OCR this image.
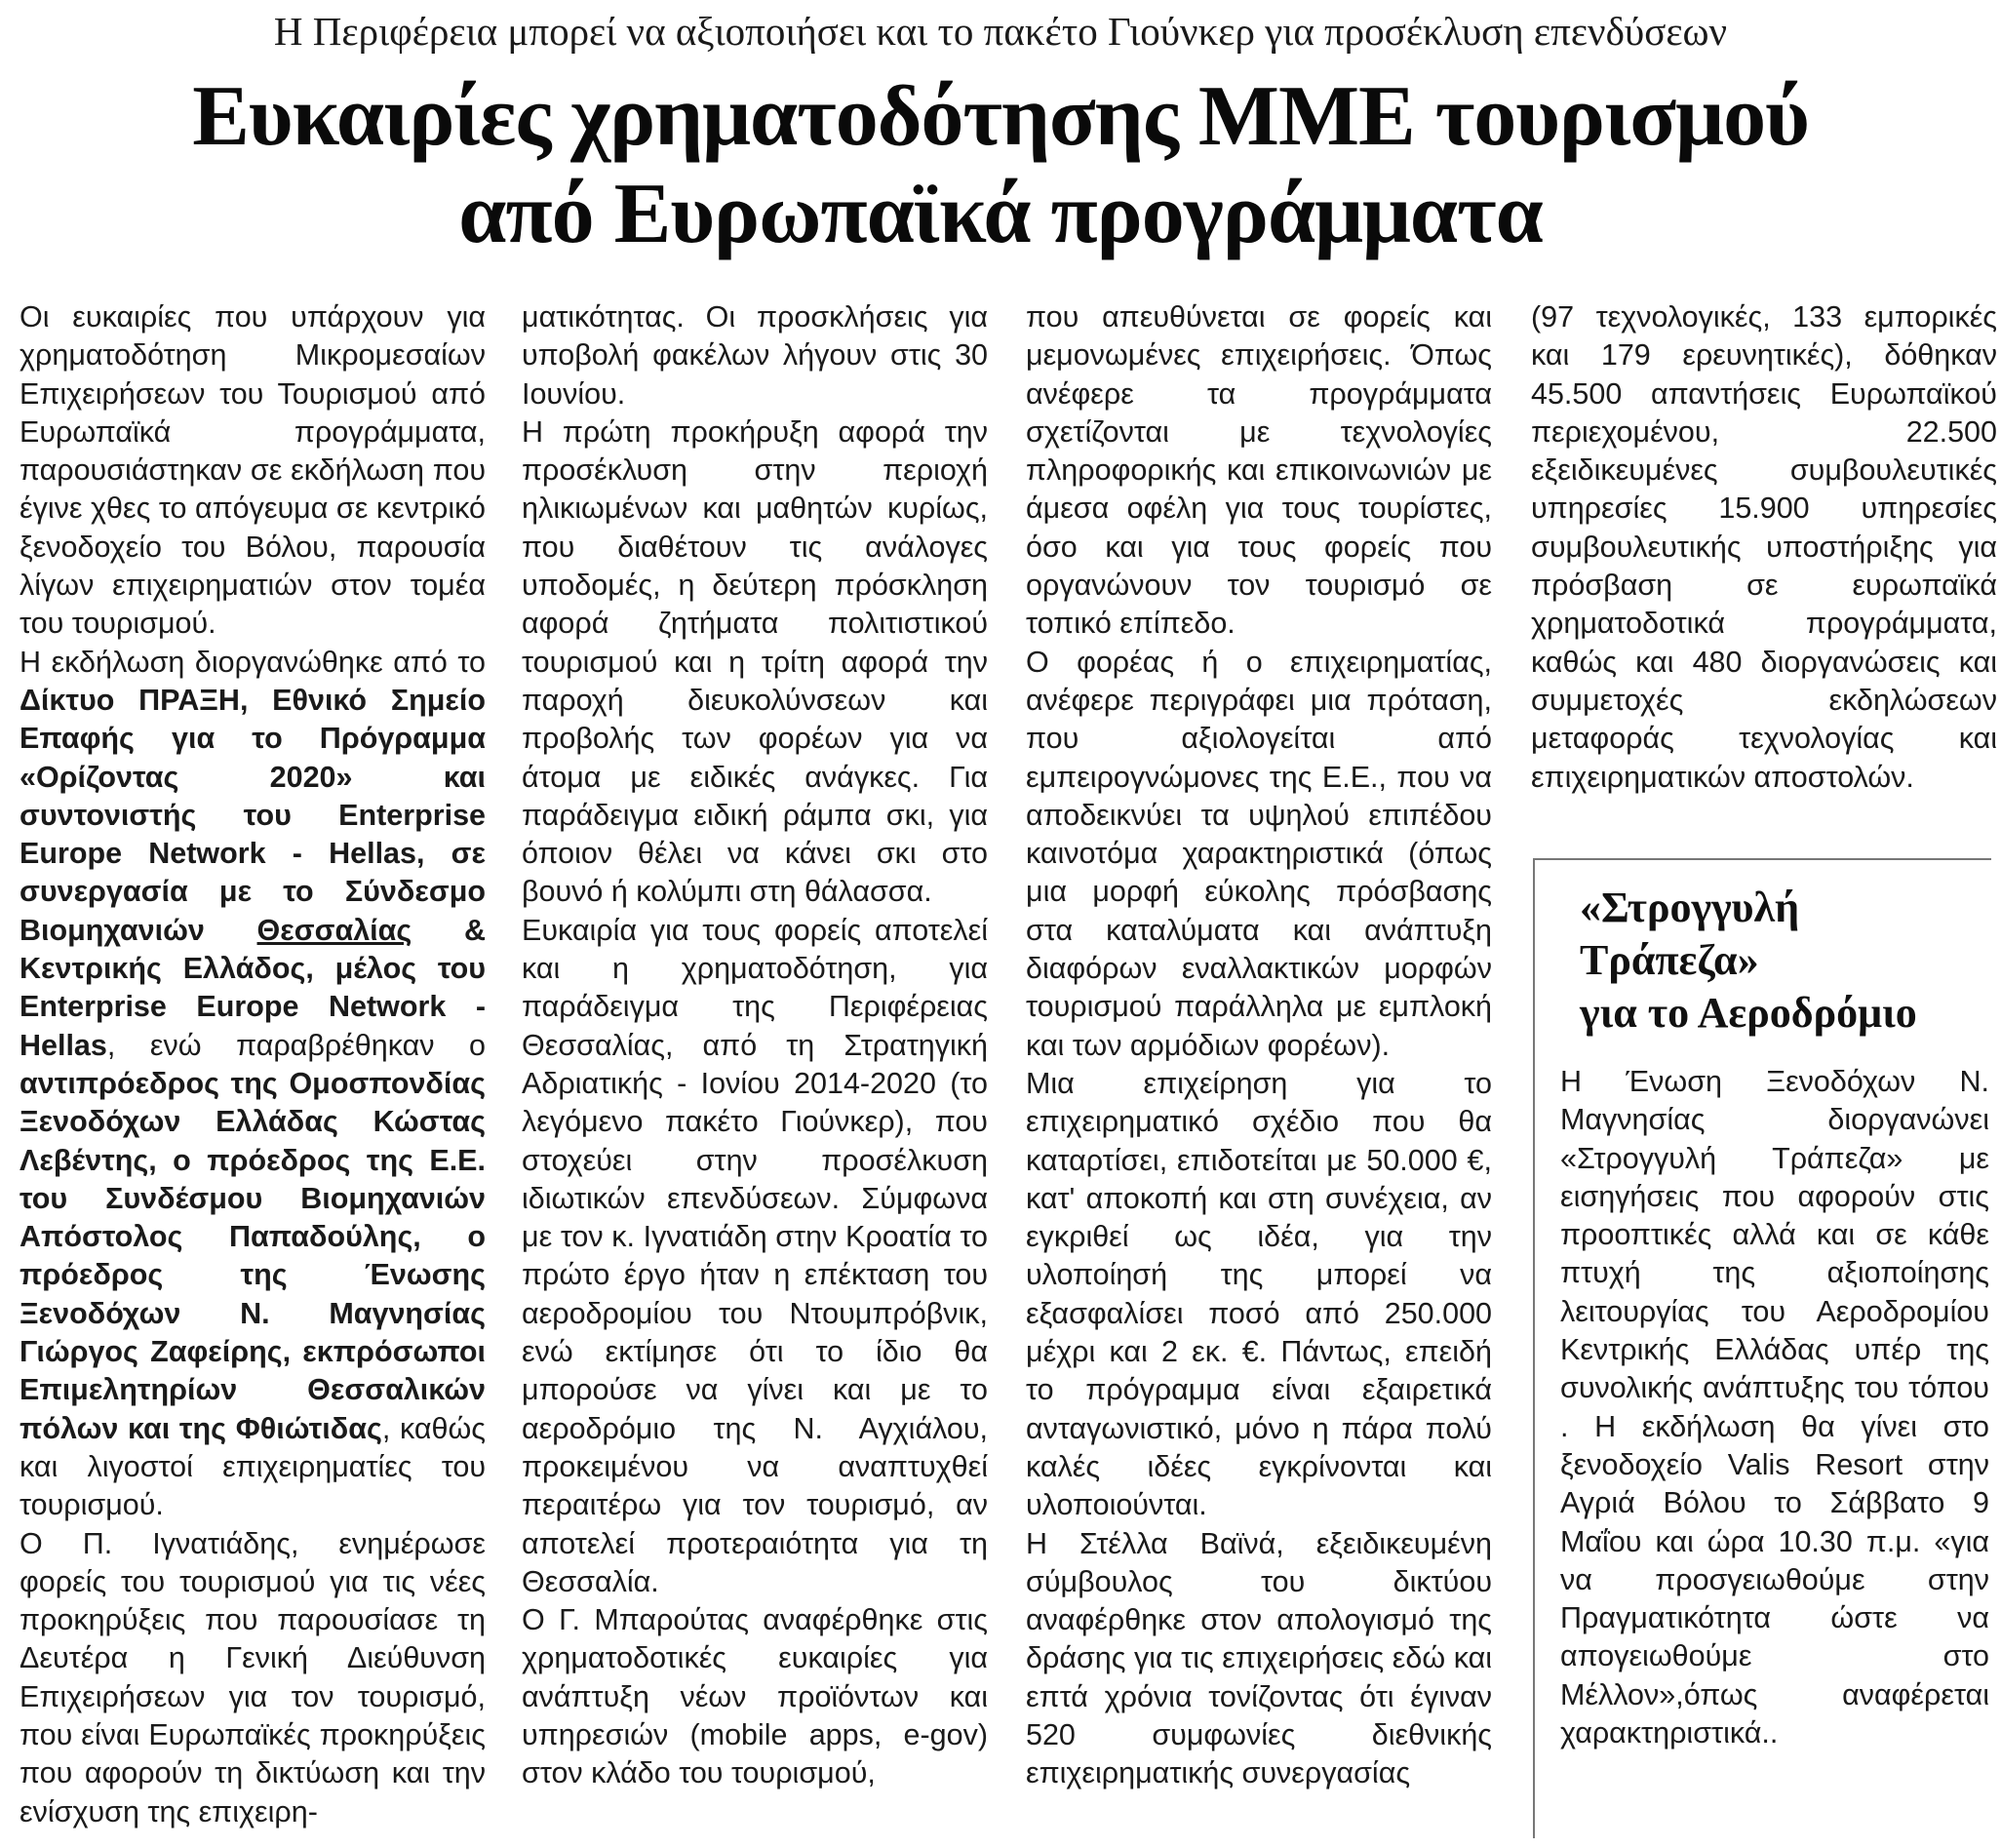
Η Περιφέρεια μπορεί να αξιοποιήσει και το πακέτο Γιούνκερ για προσέκλυση επενδύσεων
Ευκαιρίες χρηματοδότησης ΜΜΕ τουρισμού
από Ευρωπαϊκά προγράμματα

Οι ευκαιρίες που υπάρχουν για χρηματοδότηση Μικρομεσαίων Επιχειρήσεων του Τουρισμού από Ευρωπαϊκά προγράμματα, παρουσιάστηκαν σε εκδήλωση που έγινε χθες το απόγευμα σε κεντρικό ξενοδοχείο του Βόλου, παρουσία λίγων επιχειρηματιών στον τομέα του τουρισμού.

Η εκδήλωση διοργανώθηκε από το Δίκτυο ΠΡΑΞΗ, Εθνικό Σημείο Επαφής για το Πρόγραμμα «Ορίζοντας 2020» και συντονιστής του Enterprise Europe Network - Hellas, σε συνεργασία με το Σύνδεσμο Βιομηχανιών Θεσσαλίας & Κεντρικής Ελλάδος, μέλος του Enterprise Europe Network - Hellas, ενώ παραβρέθηκαν ο αντιπρόεδρος της Ομοσπονδίας Ξενοδόχων Ελλάδας Κώστας Λεβέντης, ο πρόεδρος της Ε.Ε. του Συνδέσμου Βιομηχανιών Απόστολος Παπαδούλης, ο πρόεδρος της Ένωσης Ξενοδόχων Ν. Μαγνησίας Γιώργος Ζαφείρης, εκπρόσωποι Επιμελητηρίων Θεσσαλικών πόλων και της Φθιώτιδας, καθώς και λιγοστοί επιχειρηματίες του τουρισμού.

Ο Π. Ιγνατιάδης, ενημέρωσε φορείς του τουρισμού για τις νέες προκηρύξεις που παρουσίασε τη Δευτέρα η Γενική Διεύθυνση Επιχειρήσεων για τον τουρισμό, που είναι Ευρωπαϊκές προκηρύξεις που αφορούν τη δικτύωση και την ενίσχυση της επιχειρη-

ματικότητας. Οι προσκλήσεις για υποβολή φακέλων λήγουν στις 30 Ιουνίου.

Η πρώτη προκήρυξη αφορά την προσέκλυση στην περιοχή ηλικιωμένων και μαθητών κυρίως, που διαθέτουν τις ανάλογες υποδομές, η δεύτερη πρόσκληση αφορά ζητήματα πολιτιστικού τουρισμού και η τρίτη αφορά την παροχή διευκολύνσεων και προβολής των φορέων για να άτομα με ειδικές ανάγκες. Για παράδειγμα ειδική ράμπα σκι, για όποιον θέλει να κάνει σκι στο βουνό ή κολύμπι στη θάλασσα.

Ευκαιρία για τους φορείς αποτελεί και η χρηματοδότηση, για παράδειγμα της Περιφέρειας Θεσσαλίας, από τη Στρατηγική Αδριατικής - Ιονίου 2014-2020 (το λεγόμενο πακέτο Γιούνκερ), που στοχεύει στην προσέλκυση ιδιωτικών επενδύσεων. Σύμφωνα με τον κ. Ιγνατιάδη στην Κροατία το πρώτο έργο ήταν η επέκταση του αεροδρομίου του Ντουμπρόβνικ, ενώ εκτίμησε ότι το ίδιο θα μπορούσε να γίνει και με το αεροδρόμιο της Ν. Αγχιάλου, προκειμένου να αναπτυχθεί περαιτέρω για τον τουρισμό, αν αποτελεί προτεραιότητα για τη Θεσσαλία.

Ο Γ. Μπαρούτας αναφέρθηκε στις χρηματοδοτικές ευκαιρίες για ανάπτυξη νέων προϊόντων και υπηρεσιών (mobile apps, e-gov) στον κλάδο του τουρισμού,

που απευθύνεται σε φορείς και μεμονωμένες επιχειρήσεις. Όπως ανέφερε τα προγράμματα σχετίζονται με τεχνολογίες πληροφορικής και επικοινωνιών με άμεσα οφέλη για τους τουρίστες, όσο και για τους φορείς που οργανώνουν τον τουρισμό σε τοπικό επίπεδο.

Ο φορέας ή ο επιχειρηματίας, ανέφερε περιγράφει μια πρόταση, που αξιολογείται από εμπειρογνώμονες της Ε.Ε., που να αποδεικνύει τα υψηλού επιπέδου καινοτόμα χαρακτηριστικά (όπως μια μορφή εύκολης πρόσβασης στα καταλύματα και ανάπτυξη διαφόρων εναλλακτικών μορφών τουρισμού παράλληλα με εμπλοκή και των αρμόδιων φορέων).

Μια επιχείρηση για το επιχειρηματικό σχέδιο που θα καταρτίσει, επιδοτείται με 50.000 €, κατ' αποκοπή και στη συνέχεια, αν εγκριθεί ως ιδέα, για την υλοποίησή της μπορεί να εξασφαλίσει ποσό από 250.000 μέχρι και 2 εκ. €. Πάντως, επειδή το πρόγραμμα είναι εξαιρετικά ανταγωνιστικό, μόνο η πάρα πολύ καλές ιδέες εγκρίνονται και υλοποιούνται.

Η Στέλλα Βαϊνά, εξειδικευμένη σύμβουλος του δικτύου αναφέρθηκε στον απολογισμό της δράσης για τις επιχειρήσεις εδώ και επτά χρόνια τονίζοντας ότι έγιναν 520 συμφωνίες διεθνικής επιχειρηματικής συνεργασίας

(97 τεχνολογικές, 133 εμπορικές και 179 ερευνητικές), δόθηκαν 45.500 απαντήσεις Ευρωπαϊκού περιεχομένου, 22.500 εξειδικευμένες συμβουλευτικές υπηρεσίες 15.900 υπηρεσίες συμβουλευτικής υποστήριξης για πρόσβαση σε ευρωπαϊκά χρηματοδοτικά προγράμματα, καθώς και 480 διοργανώσεις και συμμετοχές εκδηλώσεων μεταφοράς τεχνολογίας και επιχειρηματικών αποστολών.

«Στρογγυλή
Τράπεζα»
για το Αεροδρόμιο

Η Ένωση Ξενοδόχων Ν. Μαγνησίας διοργανώνει «Στρογγυλή Τράπεζα» με εισηγήσεις που αφορούν στις προοπτικές αλλά και σε κάθε πτυχή της αξιοποίησης λειτουργίας του Αεροδρομίου Κεντρικής Ελλάδας υπέρ της συνολικής ανάπτυξης του τόπου . Η εκδήλωση θα γίνει στο ξενοδοχείο Valis Resort στην Αγριά Βόλου το Σάββατο 9 Μαΐου και ώρα 10.30 π.μ. «για να προσγειωθούμε στην Πραγματικότητα ώστε να απογειωθούμε στο Μέλλον»,όπως αναφέρεται χαρακτηριστικά..
